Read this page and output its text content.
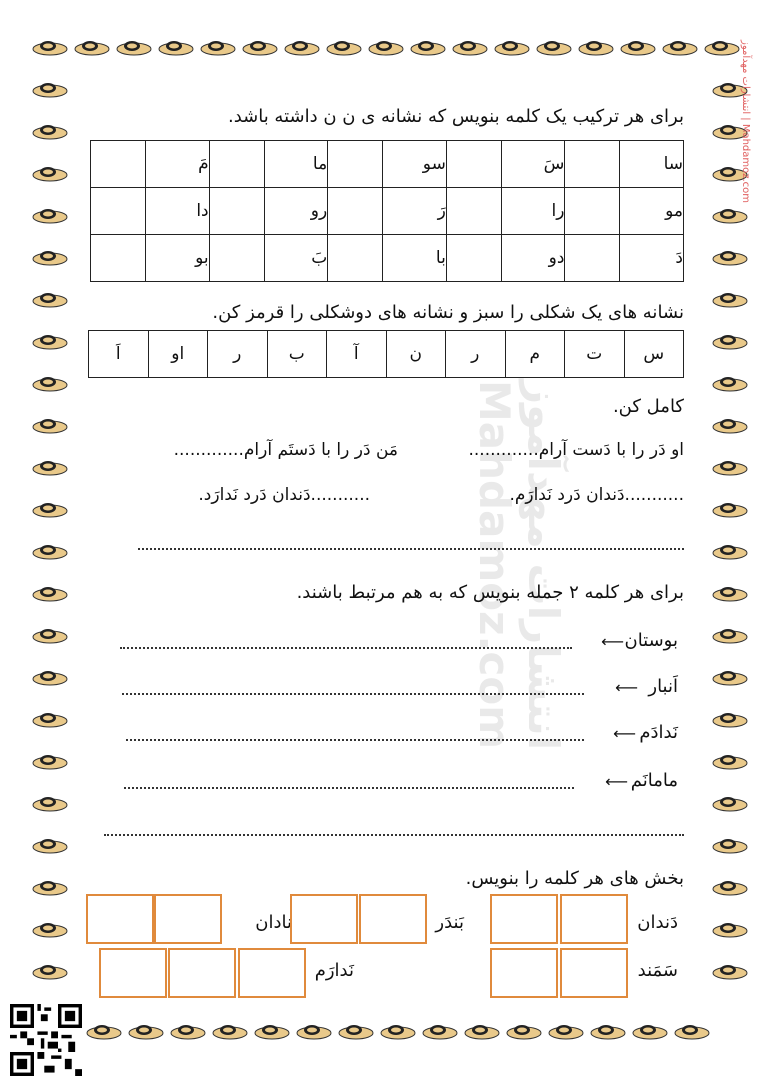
انتشارات مهدآموز | Mahdamoz.com
انتشارات مهدآموز Mahdamoz.com
برای هر ترکیب یک کلمه بنویس که نشانه ی ن ن داشته باشد.
سا		سَ		سو		ما		مَ	
مو		را		رَ		رو		دا	
دَ		دو		با		بَ		بو	
نشانه های یک شکلی را سبز و نشانه های دوشکلی را قرمز کن.
س	ت	م	ر	ن	آ	ب	ر	او	اَ
کامل کن.
او دَر را با دَست آرام.............
مَن دَر را با دَستَم آرام.............
...........دَندان دَرد نَدارَم.
...........دَندان دَرد نَدارَد.
برای هر کلمه ۲ جمله بنویس که به هم مرتبط باشند.
بوستان
⟵
اَنبار
⟵
نَدادَم
⟵
مامانَم
⟵
بخش های هر کلمه را بنویس.
دَندان
بَندَر
نادان
سَمَند
نَدارَم
